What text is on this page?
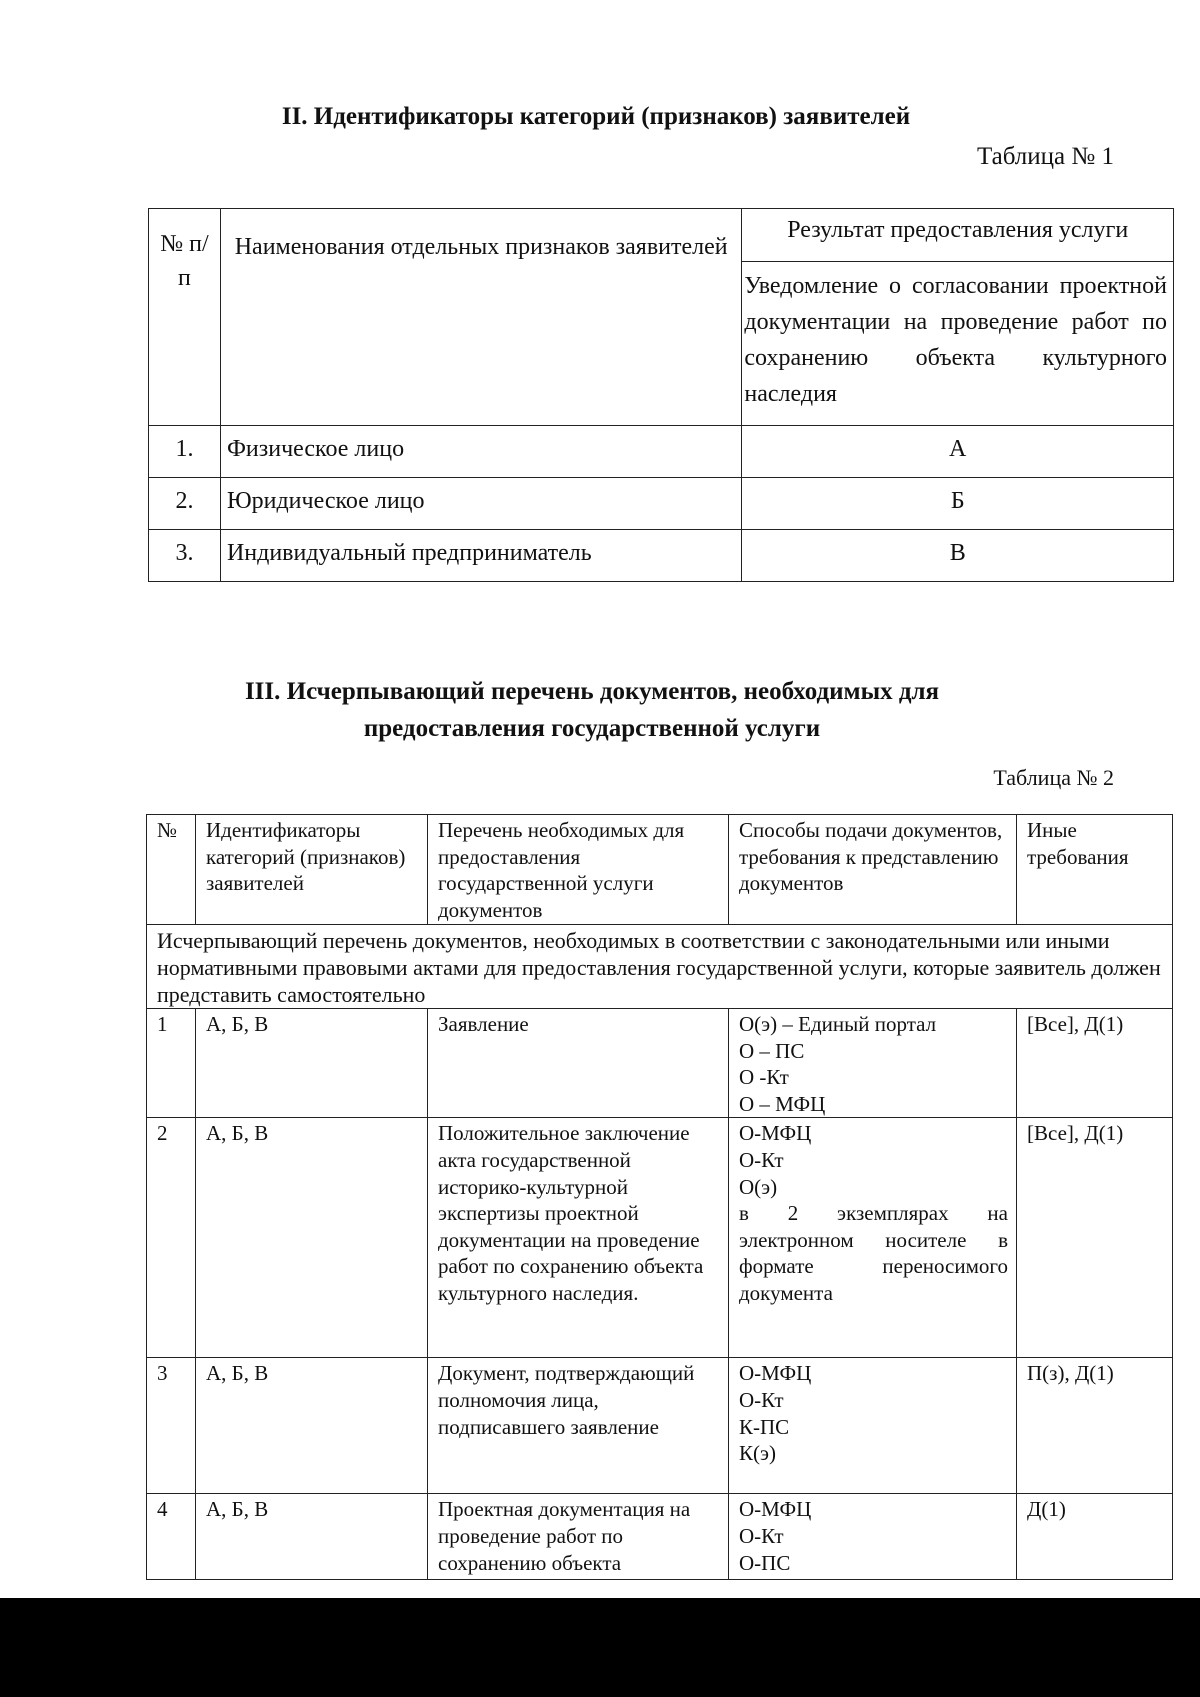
II. Идентификаторы категорий (признаков) заявителей
Таблица № 1
№ п/п	Наименования отдельных признаков заявителей	Результат предоставления услуги
		Уведомление о согласовании проектной документации на проведение работ по сохранению объекта культурного наследия
1.	Физическое лицо	А
2.	Юридическое лицо	Б
3.	Индивидуальный предприниматель	В
III. Исчерпывающий перечень документов, необходимых для
предоставления государственной услуги
Таблица № 2
№	Идентификаторы категорий (признаков) заявителей	Перечень необходимых для предоставления государственной услуги документов	Способы подачи документов, требования к представлению документов	Иные требования
Исчерпывающий перечень документов, необходимых в соответствии с законодательными или иными нормативными правовыми актами для предоставления государственной услуги, которые заявитель должен представить самостоятельно				
1	А, Б, В	Заявление	О(э) – Единый портал
О – ПС
О -Кт
О – МФЦ	[Все], Д(1)
2	А, Б, В	Положительное заключение акта государственной историко-культурной экспертизы проектной документации на проведение работ по сохранению объекта культурного наследия.	О-МФЦ
О-Кт
О(э)
в 2 экземплярах на электронном носителе в формате переносимого документа	[Все], Д(1)
3	А, Б, В	Документ, подтверждающий полномочия лица, подписавшего заявление	О-МФЦ
О-Кт
К-ПС
К(э)	П(з), Д(1)
4	А, Б, В	Проектная документация на проведение работ по сохранению объекта	О-МФЦ
О-Кт
О-ПС	Д(1)
